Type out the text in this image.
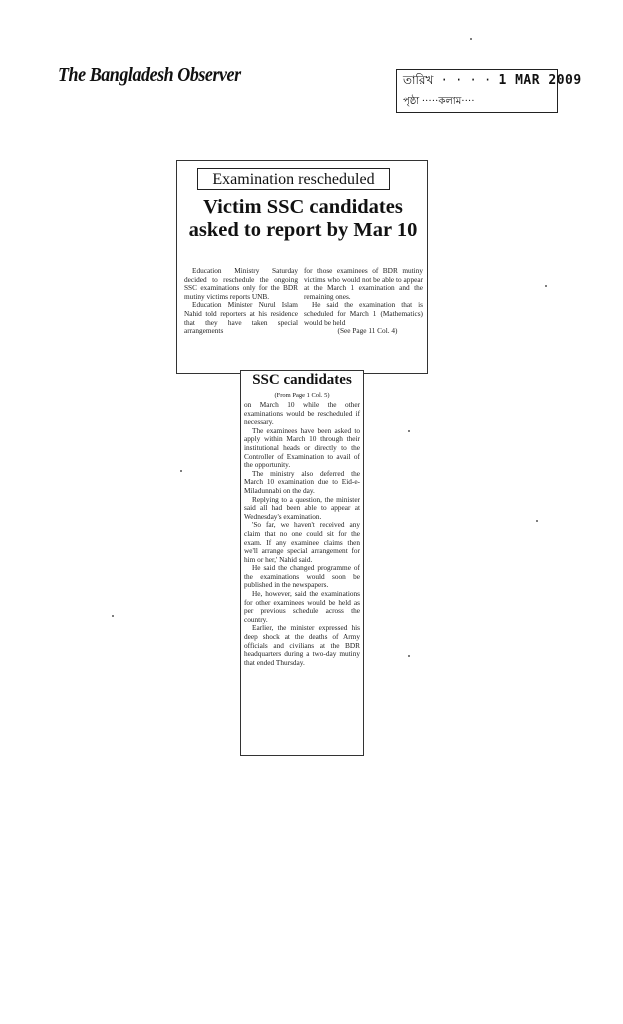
The Bangladesh Observer	তারিখ · · · · 1 MAR 2009
পৃষ্ঠা ·····কলাম····
Examination rescheduled
Victim SSC candidates asked to report by Mar 10

Education Ministry Saturday decided to reschedule the ongoing SSC examinations only for the BDR mutiny victims reports UNB.

Education Minister Nurul Islam Nahid told reporters at his residence that they have taken special arrangements

for those examinees of BDR mutiny victims who would not be able to appear at the March 1 examination and the remaining ones.

He said the examination that is scheduled for March 1 (Mathematics) would be held

(See Page 11 Col. 4)

SSC candidates
(From Page 1 Col. 5)

on March 10 while the other examinations would be rescheduled if necessary.

The examinees have been asked to apply within March 10 through their institutional heads or directly to the Controller of Examination to avail of the opportunity.

The ministry also deferred the March 10 examination due to Eid-e-Miladunnabi on the day.

Replying to a question, the minister said all had been able to appear at Wednesday's examination.

'So far, we haven't received any claim that no one could sit for the exam. If any examinee claims then we'll arrange special arrangement for him or her,' Nahid said.

He said the changed programme of the examinations would soon be published in the newspapers.

He, however, said the examinations for other examinees would be held as per previous schedule across the country.

Earlier, the minister expressed his deep shock at the deaths of Army officials and civilians at the BDR headquarters during a two-day mutiny that ended Thursday.
